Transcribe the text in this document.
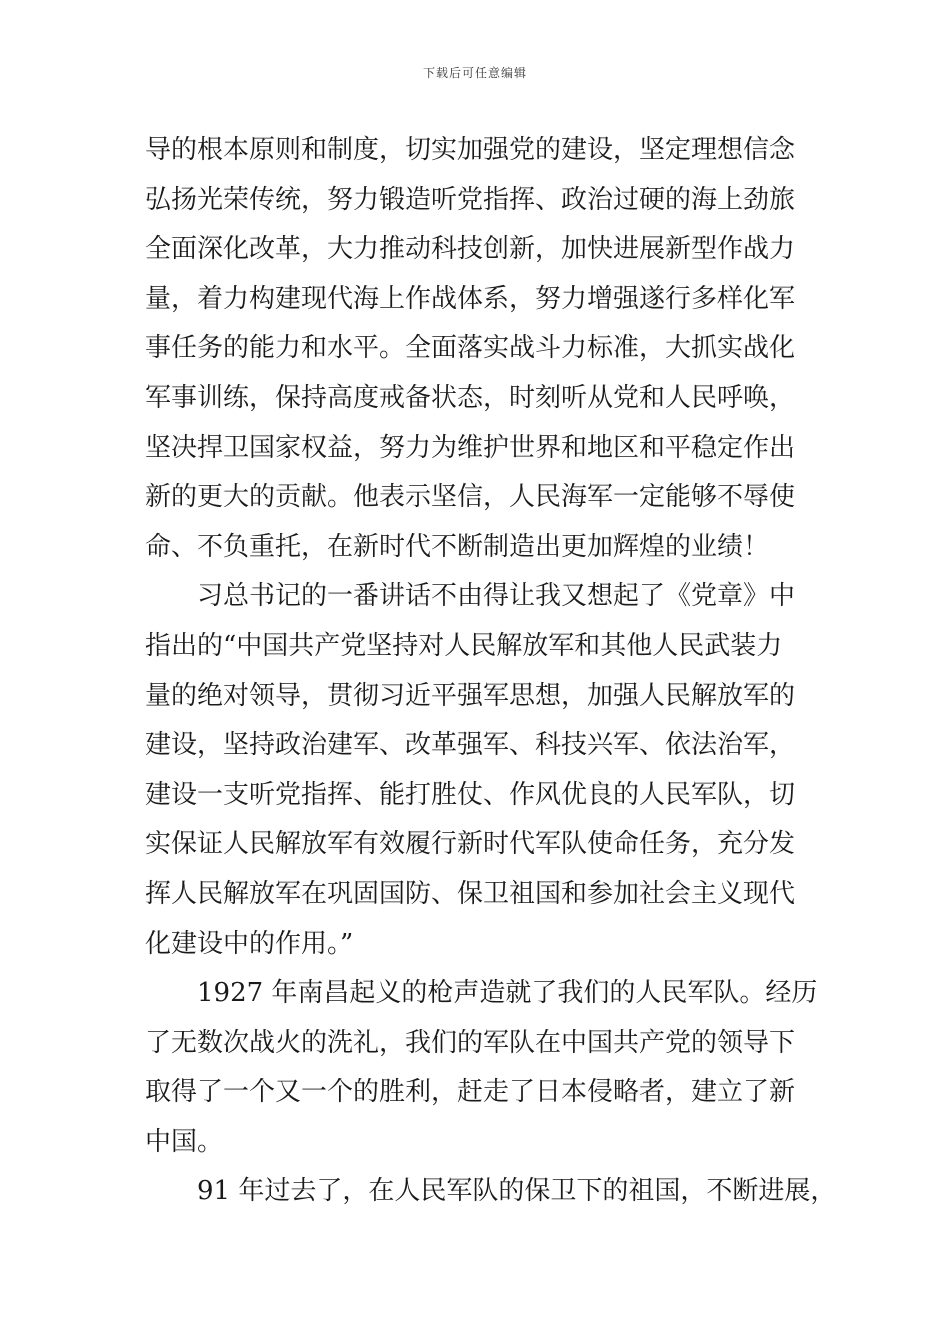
下载后可任意编辑
导的根本原则和制度，切实加强党的建设，坚定理想信念
弘扬光荣传统，努力锻造听党指挥、政治过硬的海上劲旅
全面深化改革，大力推动科技创新，加快进展新型作战力
量，着力构建现代海上作战体系，努力增强遂行多样化军
事任务的能力和水平。全面落实战斗力标准，大抓实战化
军事训练，保持高度戒备状态，时刻听从党和人民呼唤，
坚决捍卫国家权益，努力为维护世界和地区和平稳定作出
新的更大的贡献。他表示坚信，人民海军一定能够不辱使
命、不负重托，在新时代不断制造出更加辉煌的业绩！
习总书记的一番讲话不由得让我又想起了《党章》中
指出的“中国共产党坚持对人民解放军和其他人民武装力
量的绝对领导，贯彻习近平强军思想，加强人民解放军的
建设，坚持政治建军、改革强军、科技兴军、依法治军，
建设一支听党指挥、能打胜仗、作风优良的人民军队，切
实保证人民解放军有效履行新时代军队使命任务，充分发
挥人民解放军在巩固国防、保卫祖国和参加社会主义现代
化建设中的作用。”
1927 年南昌起义的枪声造就了我们的人民军队。经历
了无数次战火的洗礼，我们的军队在中国共产党的领导下
取得了一个又一个的胜利，赶走了日本侵略者，建立了新
中国。
91 年过去了，在人民军队的保卫下的祖国，不断进展，
